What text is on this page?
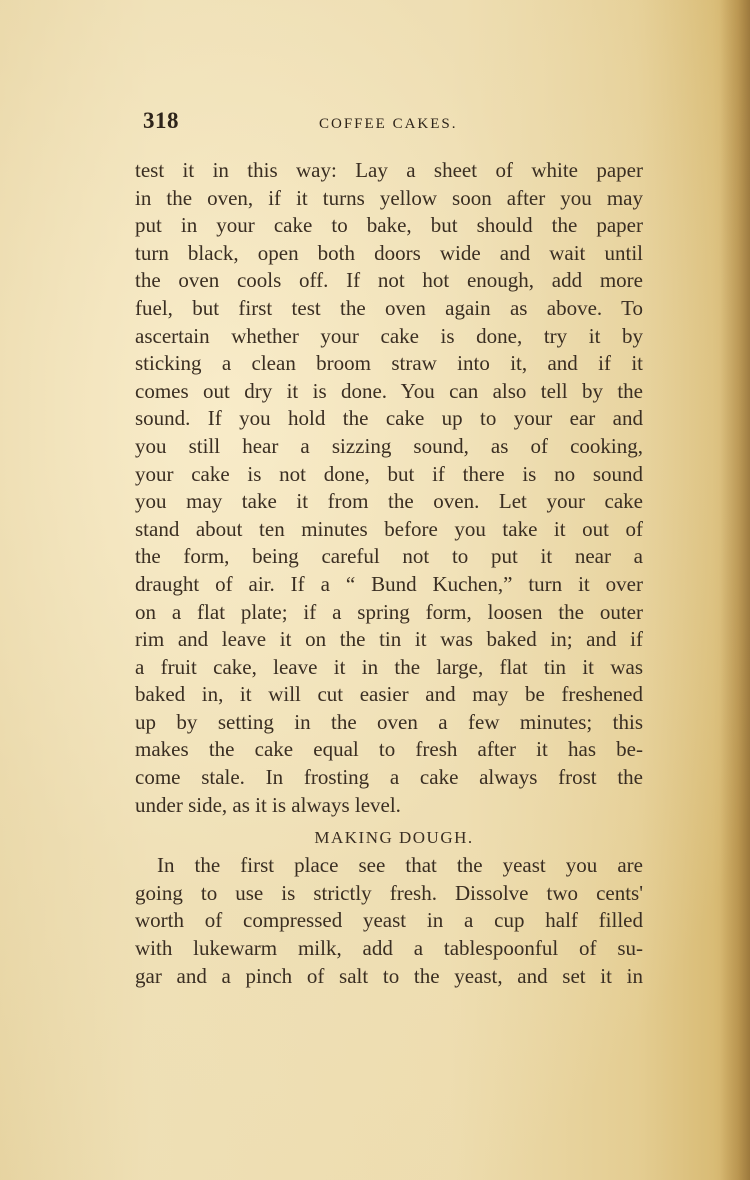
318	COFFEE CAKES.
test it in this way: Lay a sheet of white paper
in the oven, if it turns yellow soon after you may
put in your cake to bake, but should the paper
turn black, open both doors wide and wait until
the oven cools off. If not hot enough, add more
fuel, but first test the oven again as above. To
ascertain whether your cake is done, try it by
sticking a clean broom straw into it, and if it
comes out dry it is done. You can also tell by the
sound. If you hold the cake up to your ear and
you still hear a sizzing sound, as of cooking,
your cake is not done, but if there is no sound
you may take it from the oven. Let your cake
stand about ten minutes before you take it out of
the form, being careful not to put it near a
draught of air. If a “ Bund Kuchen,” turn it over
on a flat plate; if a spring form, loosen the outer
rim and leave it on the tin it was baked in; and if
a fruit cake, leave it in the large, flat tin it was
baked in, it will cut easier and may be freshened
up by setting in the oven a few minutes; this
makes the cake equal to fresh after it has be-
come stale. In frosting a cake always frost the
under side, as it is always level.
MAKING DOUGH.
In the first place see that the yeast you are
going to use is strictly fresh. Dissolve two cents'
worth of compressed yeast in a cup half filled
with lukewarm milk, add a tablespoonful of su-
gar and a pinch of salt to the yeast, and set it in
